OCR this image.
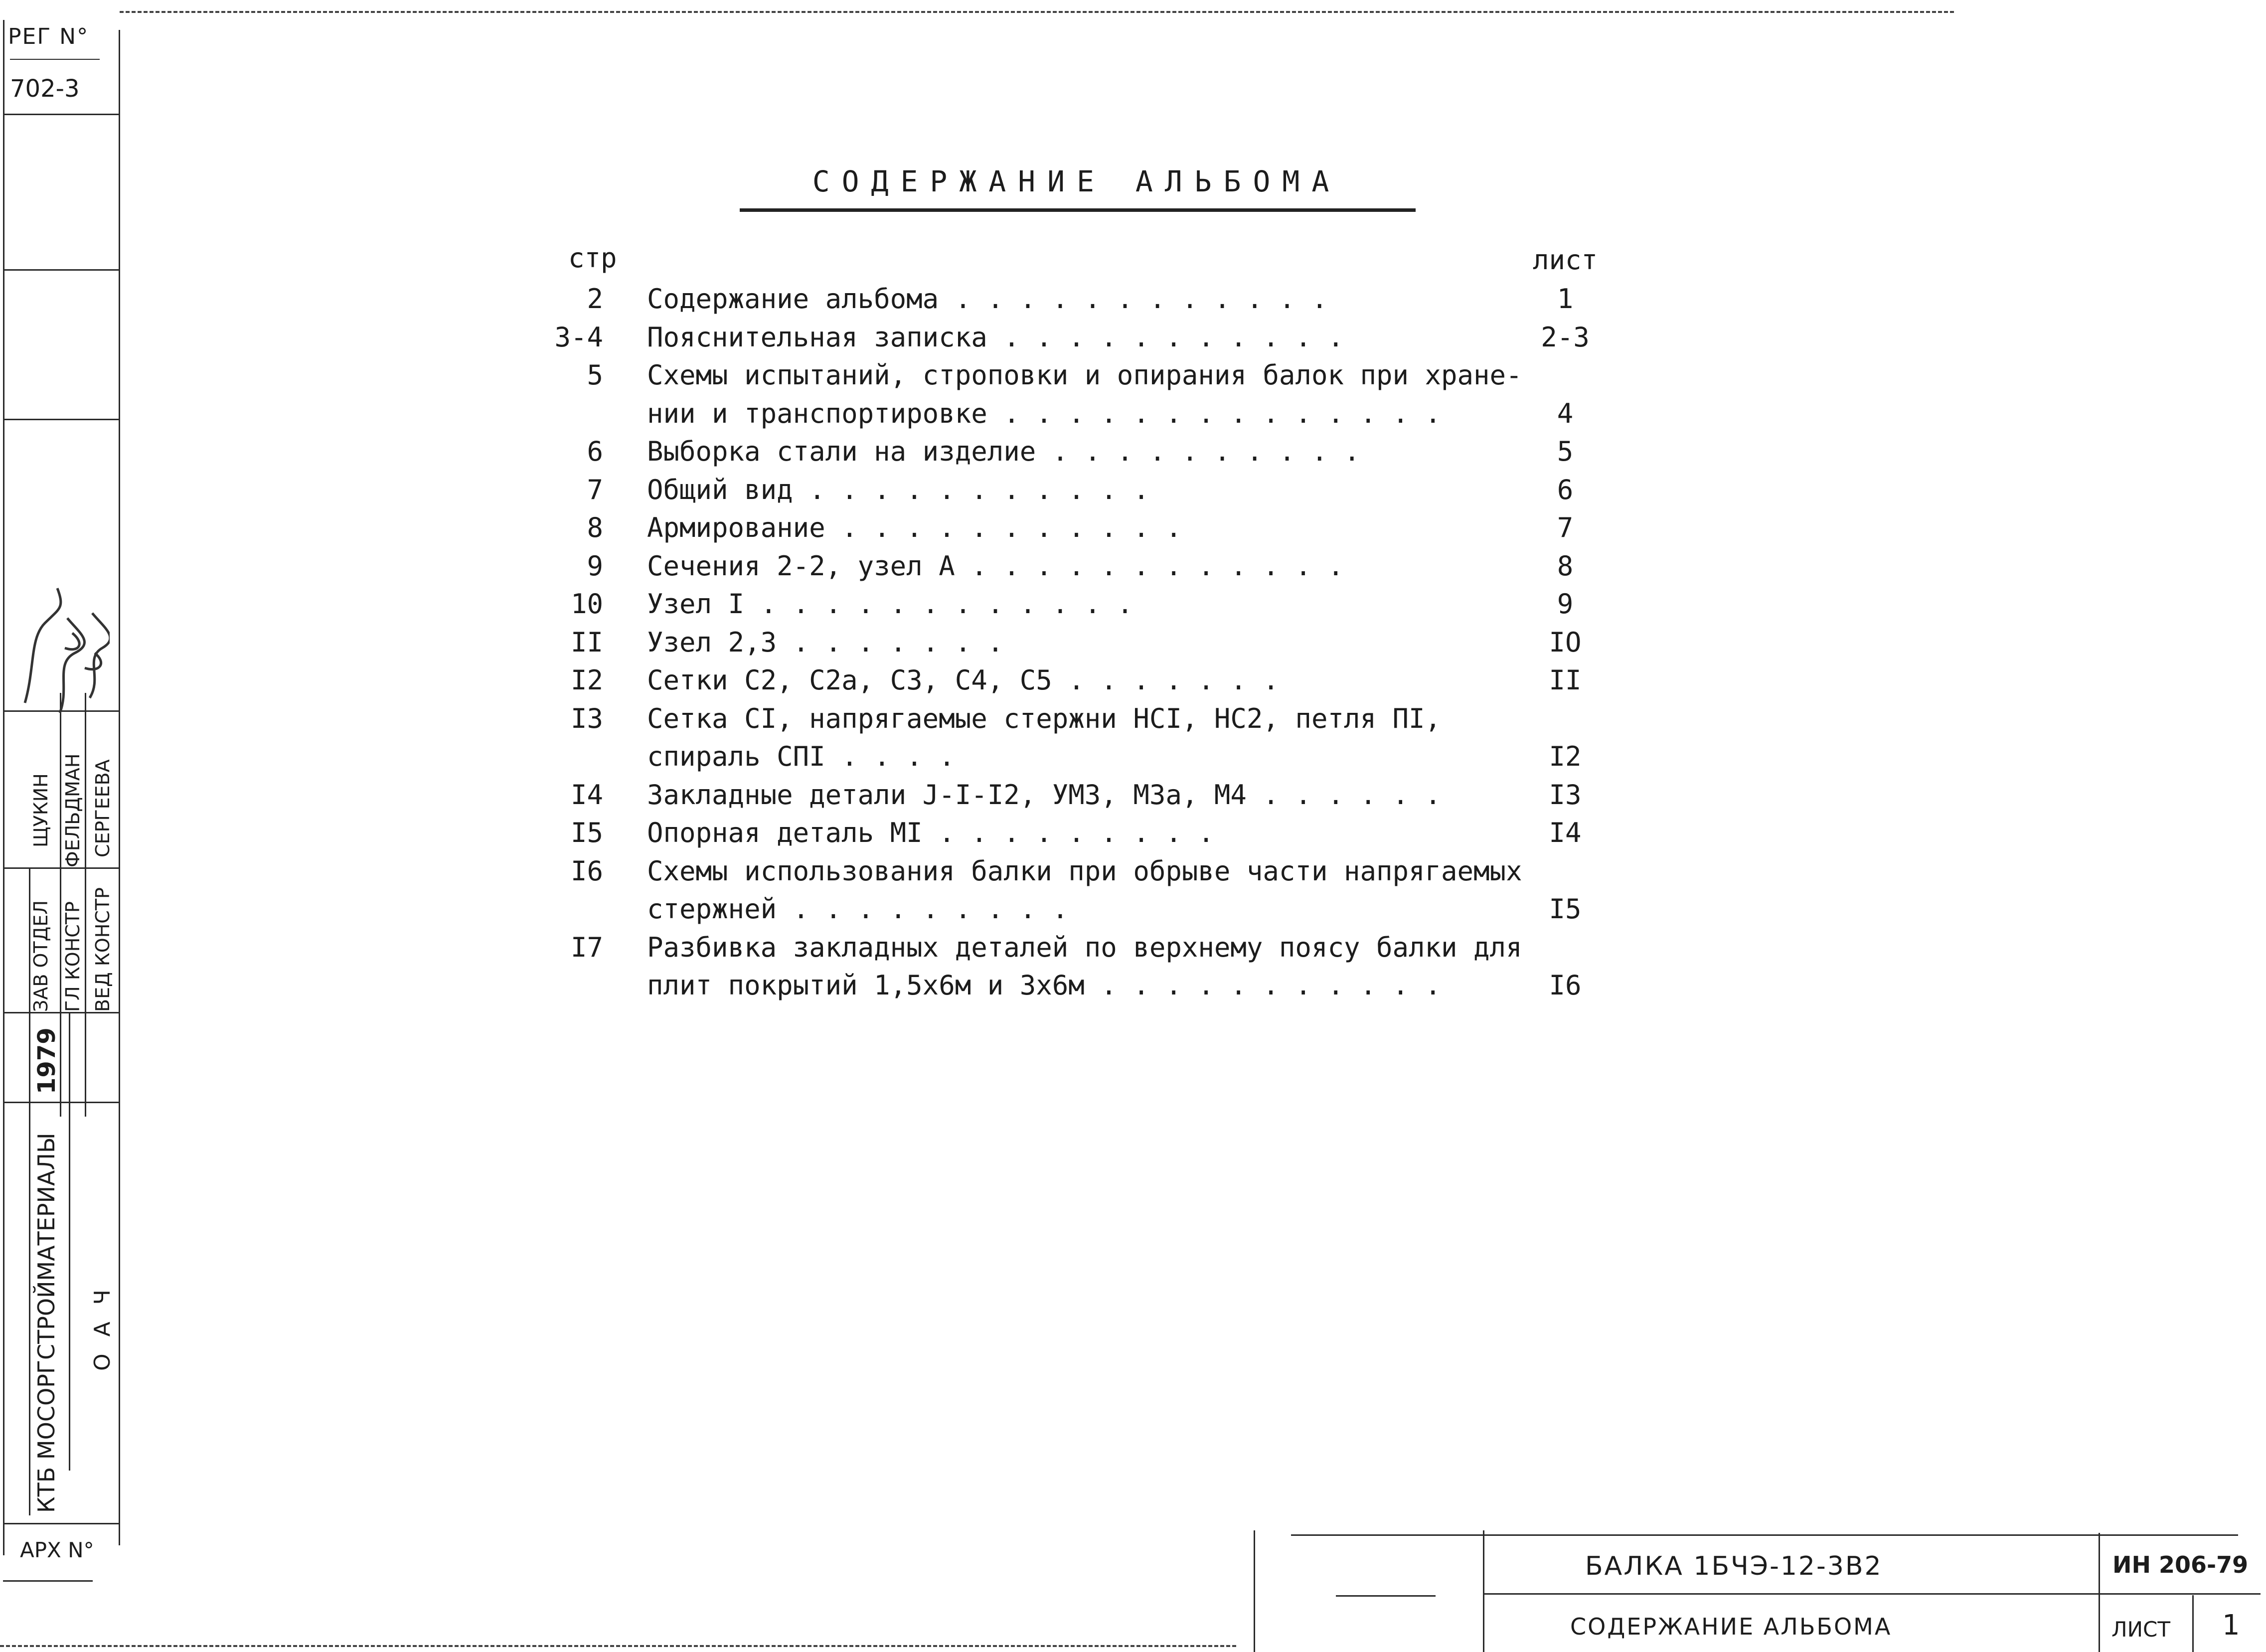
РЕГ N°
702-3
КТБ МОСОРГСТРОЙМАТЕРИАЛЫ
1979
О А Ч
ЗАВ ОТДЕЛ ГЛ КОНСТР ВЕД КОНСТР
ЩУКИН ФЕЛЬДМАН СЕРГЕЕВА
АРХ N°
СОДЕРЖАНИЕ АЛЬБОМА
стр	лист
2 Содержание альбома . . . . . . . . . . . .	1
3-4 Пояснительная записка . . . . . . . . . . .	2-3
5 Схемы испытаний, строповки и опирания балок при хране-
нии и транспортировке . . . . . . . . . . . . . .	4
6 Выборка стали на изделие . . . . . . . . . .	5
7 Общий вид . . . . . . . . . . .	6
8 Армирование . . . . . . . . . . .	7
9 Сечения 2-2, узел А . . . . . . . . . . . .	8
10 Узел I . . . . . . . . . . . .	9
II Узел 2,3 . . . . . . .	IO
I2 Сетки С2, С2а, С3, С4, С5 . . . . . . .	II
I3 Сетка СI, напрягаемые стержни НСI, НС2, петля ПI,
спираль СПI . . . .	I2
I4 Закладные детали J-I-I2, УМ3, М3а, М4 . . . . . .	I3
I5 Опорная деталь МI . . . . . . . . .	I4
I6 Схемы использования балки при обрыве части напрягаемых
стержней . . . . . . . . .	I5
I7 Разбивка закладных деталей по верхнему поясу балки для
плит покрытий 1,5х6м и 3х6м . . . . . . . . . . .	I6
БАЛКА 1БЧЭ-12-3В2
СОДЕРЖАНИЕ АЛЬБОМА
ИН 206-79
ЛИСТ 1
